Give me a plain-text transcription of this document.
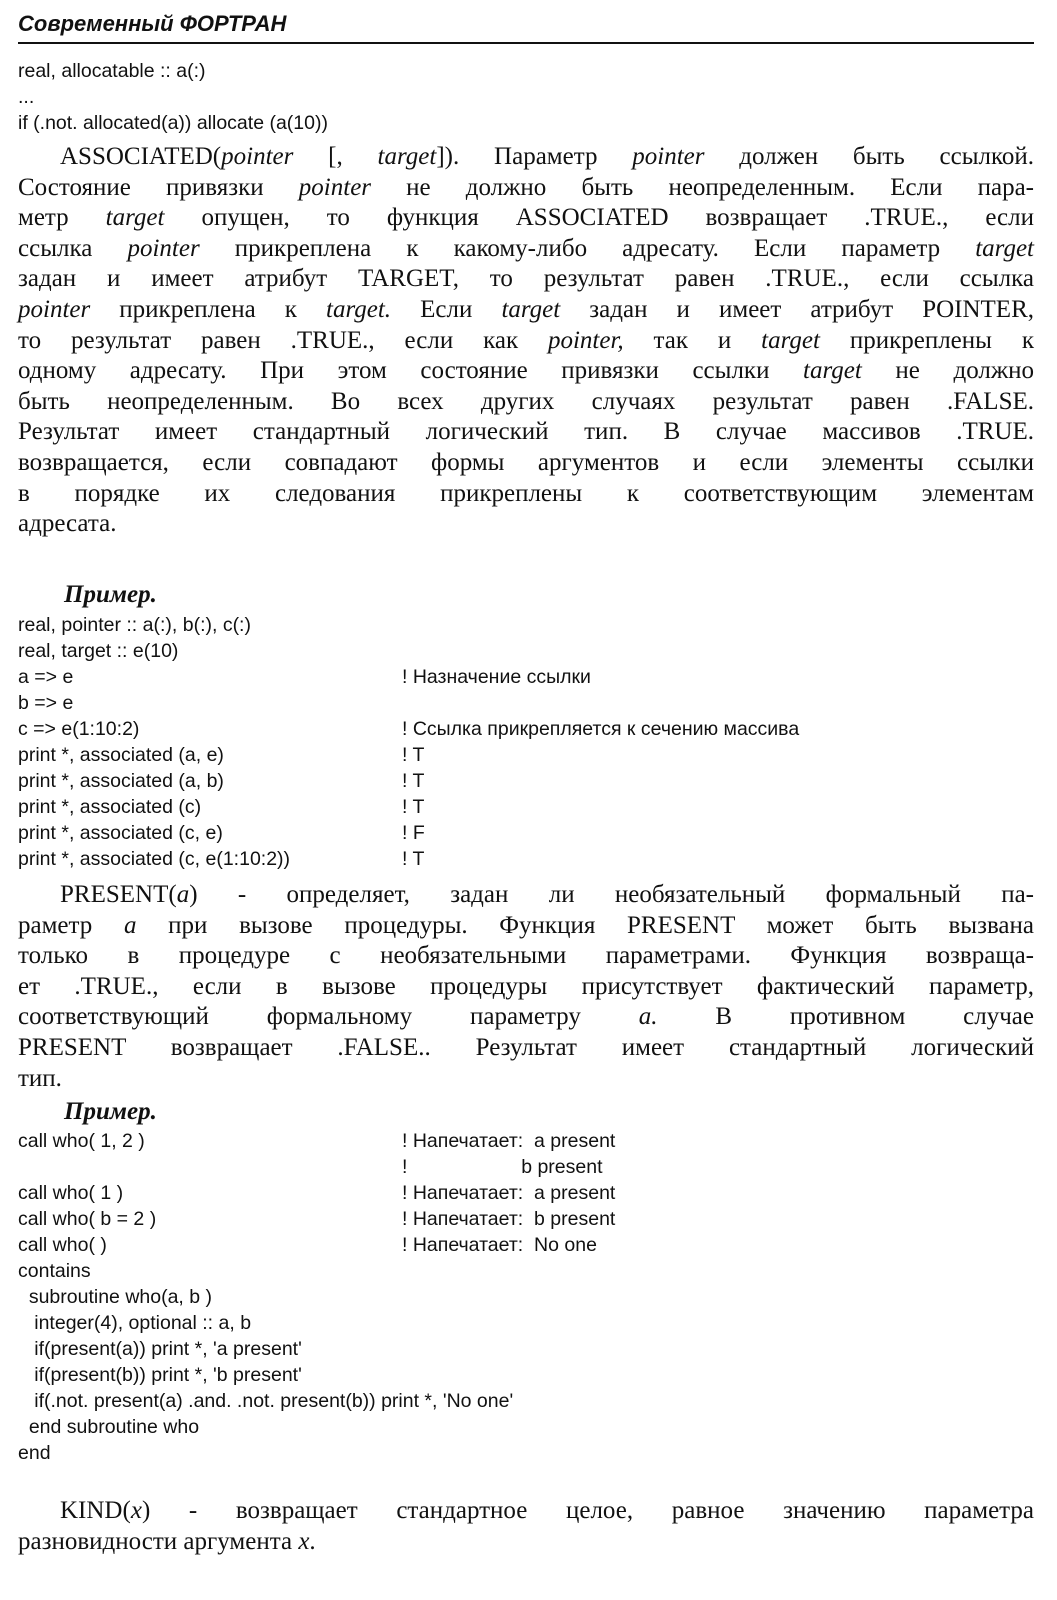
Современный ФОРТРАН
real, allocatable :: a(:)
...
if (.not. allocated(a)) allocate (a(10))
ASSOCIATED(pointer [, target]). Параметр pointer должен быть ссылкой.
Состояние привязки pointer не должно быть неопределенным. Если пара-
метр target опущен, то функция ASSOCIATED возвращает .TRUE., если
ссылка pointer прикреплена к какому-либо адресату. Если параметр target
задан и имеет атрибут TARGET, то результат равен .TRUE., если ссылка
pointer прикреплена к target. Если target задан и имеет атрибут POINTER,
то результат равен .TRUE., если как pointer, так и target прикреплены к
одному адресату. При этом состояние привязки ссылки target не должно
быть неопределенным. Во всех других случаях результат равен .FALSE.
Результат имеет стандартный логический тип. В случае массивов .TRUE.
возвращается, если совпадают формы аргументов и если элементы ссылки
в порядке их следования прикреплены к соответствующим элементам
адресата.
Пример.
real, pointer :: a(:), b(:), c(:)
real, target :: e(10)
a => e	! Назначение ссылки
b => e
c => e(1:10:2)	! Ссылка прикрепляется к сечению массива
print *, associated (a, e)	! T
print *, associated (a, b)	! T
print *, associated (c)	! T
print *, associated (c, e)	! F
print *, associated (c, e(1:10:2))	! T
PRESENT(a) - определяет, задан ли необязательный формальный па-
раметр a при вызове процедуры. Функция PRESENT может быть вызвана
только в процедуре с необязательными параметрами. Функция возвраща-
ет .TRUE., если в вызове процедуры присутствует фактический параметр,
соответствующий формальному параметру a. В противном случае
PRESENT возвращает .FALSE.. Результат имеет стандартный логический
тип.
Пример.
call who( 1, 2 )	! Напечатает:  a present
!                     b present
call who( 1 )	! Напечатает:  a present
call who( b = 2 )	! Напечатает:  b present
call who( )	! Напечатает:  No one
contains
subroutine who(a, b )
integer(4), optional :: a, b
if(present(a)) print *, 'a present'
if(present(b)) print *, 'b present'
if(.not. present(a) .and. .not. present(b)) print *, 'No one'
end subroutine who
end
KIND(x) - возвращает стандартное целое, равное значению параметра
разновидности аргумента x.
